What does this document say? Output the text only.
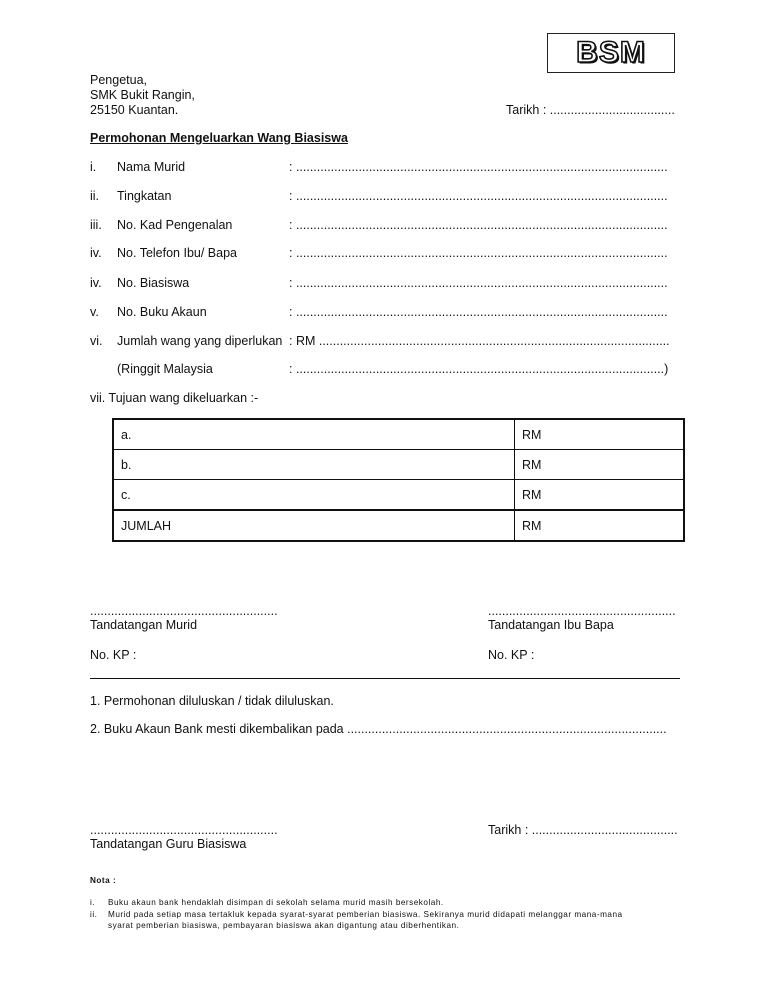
BSM
Pengetua,
SMK Bukit Rangin,
25150 Kuantan.	Tarikh : ....................................
Permohonan Mengeluarkan Wang Biasiswa
i. Nama Murid	: ...........................................................................................................
ii. Tingkatan	: ...........................................................................................................
iii. No. Kad Pengenalan	: ...........................................................................................................
iv. No. Telefon Ibu/ Bapa	: ...........................................................................................................
iv. No. Biasiswa	: ...........................................................................................................
v. No. Buku Akaun	: ...........................................................................................................
vi. Jumlah wang yang diperlukan : RM .....................................................................................................
(Ringgit Malaysia	: ..........................................................................................................)
vii. Tujuan wang dikeluarkan :-
a.	RM
b.	RM
c.	RM
JUMLAH	RM
......................................................
Tandatangan Murid
No. KP :
......................................................
Tandatangan Ibu Bapa
No. KP :
1. Permohonan diluluskan / tidak diluluskan.
2. Buku Akaun Bank mesti dikembalikan pada ............................................................................................
......................................................
Tandatangan Guru Biasiswa
Tarikh : ..........................................
Nota :
i. Buku akaun bank hendaklah disimpan di sekolah selama murid masih bersekolah.
ii. Murid pada setiap masa tertakluk kepada syarat-syarat pemberian biasiswa. Sekiranya murid didapati melanggar mana-mana
syarat pemberian biasiswa, pembayaran biasiswa akan digantung atau diberhentikan.
